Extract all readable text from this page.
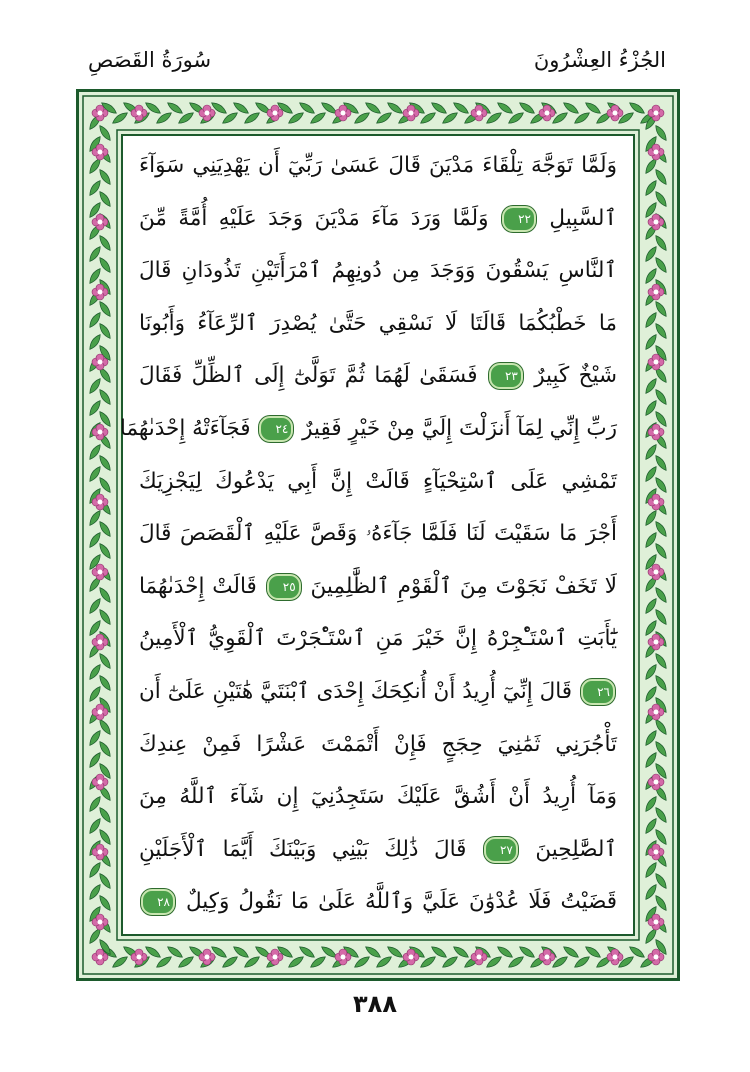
الجُزْءُ العِشْرُونَ
سُورَةُ القَصَصِ
وَلَمَّا تَوَجَّهَ تِلْقَاءَ مَدْيَنَ قَالَ عَسَىٰ رَبِّيٓ أَن يَهْدِيَنِي سَوَآءَ
ٱلسَّبِيلِ ٢٢ وَلَمَّا وَرَدَ مَآءَ مَدْيَنَ وَجَدَ عَلَيْهِ أُمَّةً مِّنَ
ٱلنَّاسِ يَسْقُونَ وَوَجَدَ مِن دُونِهِمُ ٱمْرَأَتَيْنِ تَذُودَانِ قَالَ
مَا خَطْبُكُمَا قَالَتَا لَا نَسْقِي حَتَّىٰ يُصْدِرَ ٱلرِّعَآءُ وَأَبُونَا
شَيْخٌ كَبِيرٌ ٢٣ فَسَقَىٰ لَهُمَا ثُمَّ تَوَلَّىٰٓ إِلَى ٱلظِّلِّ فَقَالَ
رَبِّ إِنِّي لِمَآ أَنزَلْتَ إِلَيَّ مِنْ خَيْرٍ فَقِيرٌ ٢٤ فَجَآءَتْهُ إِحْدَىٰهُمَا
تَمْشِي عَلَى ٱسْتِحْيَآءٍ قَالَتْ إِنَّ أَبِي يَدْعُوكَ لِيَجْزِيَكَ
أَجْرَ مَا سَقَيْتَ لَنَا فَلَمَّا جَآءَهُۥ وَقَصَّ عَلَيْهِ ٱلْقَصَصَ قَالَ
لَا تَخَفْ نَجَوْتَ مِنَ ٱلْقَوْمِ ٱلظَّٰلِمِينَ ٢٥ قَالَتْ إِحْدَىٰهُمَا
يَٰٓأَبَتِ ٱسْتَـْٔجِرْهُ إِنَّ خَيْرَ مَنِ ٱسْتَـْٔجَرْتَ ٱلْقَوِيُّ ٱلْأَمِينُ
٢٦ قَالَ إِنِّيٓ أُرِيدُ أَنْ أُنكِحَكَ إِحْدَى ٱبْنَتَيَّ هَٰتَيْنِ عَلَىٰٓ أَن
تَأْجُرَنِي ثَمَٰنِيَ حِجَجٍ فَإِنْ أَتْمَمْتَ عَشْرًا فَمِنْ عِندِكَ
وَمَآ أُرِيدُ أَنْ أَشُقَّ عَلَيْكَ سَتَجِدُنِيٓ إِن شَآءَ ٱللَّهُ مِنَ
ٱلصَّٰلِحِينَ ٢٧ قَالَ ذَٰلِكَ بَيْنِي وَبَيْنَكَ أَيَّمَا ٱلْأَجَلَيْنِ
قَضَيْتُ فَلَا عُدْوَٰنَ عَلَيَّ وَٱللَّهُ عَلَىٰ مَا نَقُولُ وَكِيلٌ ٢٨
٣٨٨
